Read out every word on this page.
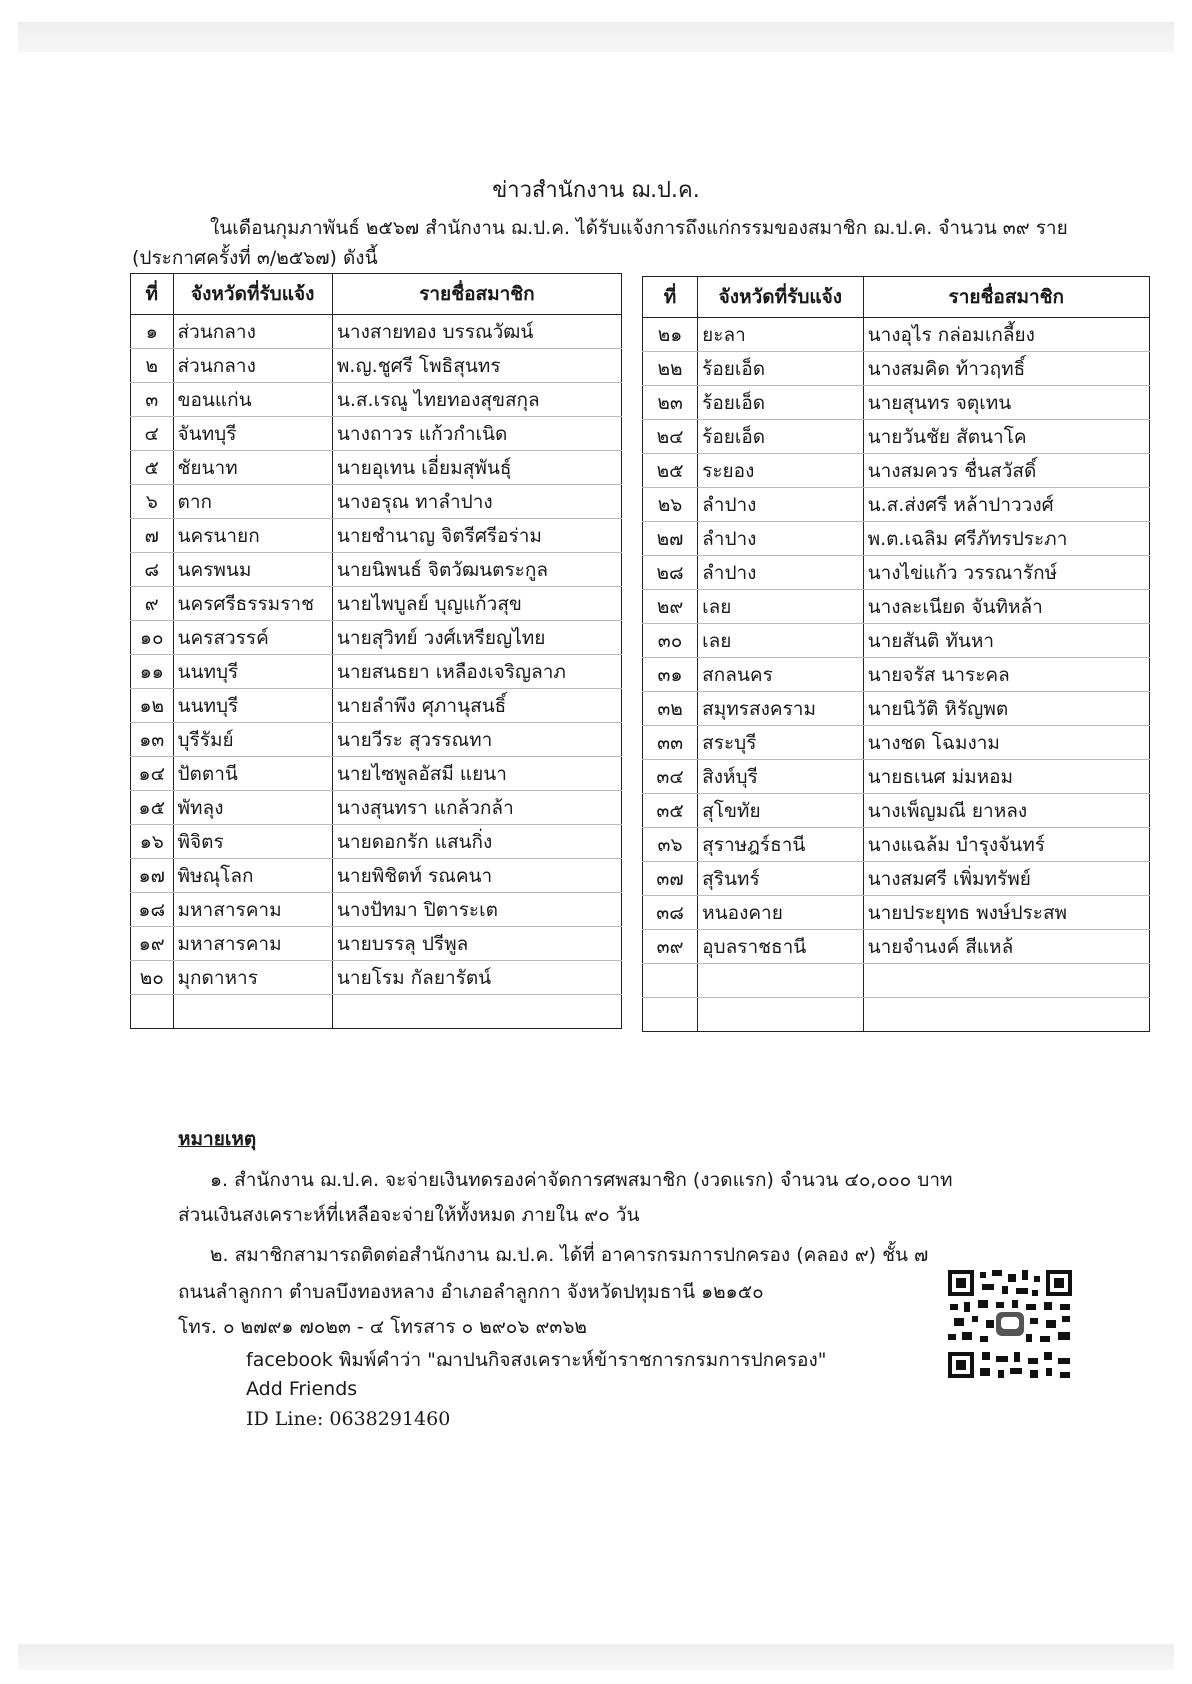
ข่าวสำนักงาน ฌ.ป.ค.
ในเดือนกุมภาพันธ์ ๒๕๖๗ สำนักงาน ฌ.ป.ค. ได้รับแจ้งการถึงแก่กรรมของสมาชิก ฌ.ป.ค. จำนวน ๓๙ ราย
(ประกาศครั้งที่ ๓/๒๕๖๗) ดังนี้
ที่	จังหวัดที่รับแจ้ง	รายชื่อสมาชิก
๑	ส่วนกลาง	นางสายทอง บรรณวัฒน์
๒	ส่วนกลาง	พ.ญ.ชูศรี โพธิสุนทร
๓	ขอนแก่น	น.ส.เรณู ไทยทองสุขสกุล
๔	จันทบุรี	นางถาวร แก้วกำเนิด
๕	ชัยนาท	นายอุเทน เอี่ยมสุพันธุ์
๖	ตาก	นางอรุณ ทาลำปาง
๗	นครนายก	นายชำนาญ จิตรีศรีอร่าม
๘	นครพนม	นายนิพนธ์ จิตวัฒนตระกูล
๙	นครศรีธรรมราช	นายไพบูลย์ บุญแก้วสุข
๑๐	นครสวรรค์	นายสุวิทย์ วงศ์เหรียญไทย
๑๑	นนทบุรี	นายสนธยา เหลืองเจริญลาภ
๑๒	นนทบุรี	นายลำพึง ศุภานุสนธิ์
๑๓	บุรีรัมย์	นายวีระ สุวรรณทา
๑๔	ปัตตานี	นายไซพูลอัสมี แยนา
๑๕	พัทลุง	นางสุนทรา แกล้วกล้า
๑๖	พิจิตร	นายดอกรัก แสนกิ่ง
๑๗	พิษณุโลก	นายพิชิตท์ รณคนา
๑๘	มหาสารคาม	นางปัทมา ปิตาระเต
๑๙	มหาสารคาม	นายบรรลุ ปรีพูล
๒๐	มุกดาหาร	นายโรม กัลยารัตน์

ที่	จังหวัดที่รับแจ้ง	รายชื่อสมาชิก
๒๑	ยะลา	นางอุไร กล่อมเกลี้ยง
๒๒	ร้อยเอ็ด	นางสมคิด ท้าวฤทธิ์
๒๓	ร้อยเอ็ด	นายสุนทร จตุเทน
๒๔	ร้อยเอ็ด	นายวันชัย สัตนาโค
๒๕	ระยอง	นางสมควร ชื่นสวัสดิ์
๒๖	ลำปาง	น.ส.ส่งศรี หล้าปาววงศ์
๒๗	ลำปาง	พ.ต.เฉลิม ศรีภัทรประภา
๒๘	ลำปาง	นางไข่แก้ว วรรณารักษ์
๒๙	เลย	นางละเนียด จันทิหล้า
๓๐	เลย	นายสันติ ทันหา
๓๑	สกลนคร	นายจรัส นาระคล
๓๒	สมุทรสงคราม	นายนิวัติ หิรัญพต
๓๓	สระบุรี	นางชด โฉมงาม
๓๔	สิงห์บุรี	นายธเนศ ม่มหอม
๓๕	สุโขทัย	นางเพ็ญมณี ยาหลง
๓๖	สุราษฎร์ธานี	นางแฉล้ม บำรุงจันทร์
๓๗	สุรินทร์	นางสมศรี เพิ่มทรัพย์
๓๘	หนองคาย	นายประยุทธ พงษ์ประสพ
๓๙	อุบลราชธานี	นายจำนงค์ สีแหล้

หมายเหตุ
๑. สำนักงาน ฌ.ป.ค. จะจ่ายเงินทดรองค่าจัดการศพสมาชิก (งวดแรก) จำนวน ๔๐,๐๐๐ บาท
ส่วนเงินสงเคราะห์ที่เหลือจะจ่ายให้ทั้งหมด ภายใน ๙๐ วัน
๒. สมาชิกสามารถติดต่อสำนักงาน ฌ.ป.ค. ได้ที่ อาคารกรมการปกครอง (คลอง ๙) ชั้น ๗
ถนนลำลูกกา ตำบลบึงทองหลาง อำเภอลำลูกกา จังหวัดปทุมธานี ๑๒๑๕๐
โทร. ๐ ๒๗๙๑ ๗๐๒๓ - ๔ โทรสาร ๐ ๒๙๐๖ ๙๓๖๒
facebook พิมพ์คำว่า "ฌาปนกิจสงเคราะห์ข้าราชการกรมการปกครอง"
Add Friends
ID Line: 0638291460
